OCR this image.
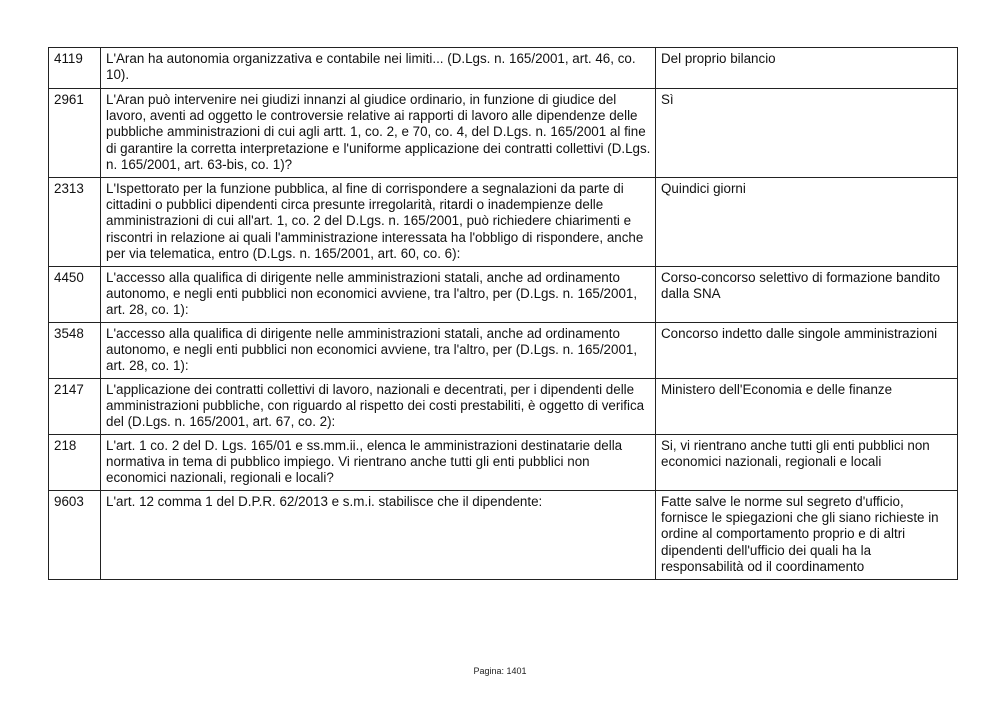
4119	L'Aran ha autonomia organizzativa e contabile nei limiti... (D.Lgs. n. 165/2001, art. 46, co. 10).	Del proprio bilancio
2961	L'Aran può intervenire nei giudizi innanzi al giudice ordinario, in funzione di giudice del lavoro, aventi ad oggetto le controversie relative ai rapporti di lavoro alle dipendenze delle pubbliche amministrazioni di cui agli artt. 1, co. 2, e 70, co. 4, del D.Lgs. n. 165/2001 al fine di garantire la corretta interpretazione e l'uniforme applicazione dei contratti collettivi (D.Lgs. n. 165/2001, art. 63-bis, co. 1)?	Sì
2313	L'Ispettorato per la funzione pubblica, al fine di corrispondere a segnalazioni da parte di cittadini o pubblici dipendenti circa presunte irregolarità, ritardi o inadempienze delle amministrazioni di cui all'art. 1, co. 2 del D.Lgs. n. 165/2001, può richiedere chiarimenti e riscontri in relazione ai quali l'amministrazione interessata ha l'obbligo di rispondere, anche per via telematica, entro (D.Lgs. n. 165/2001, art. 60, co. 6):	Quindici giorni
4450	L'accesso alla qualifica di dirigente nelle amministrazioni statali, anche ad ordinamento autonomo, e negli enti pubblici non economici avviene, tra l'altro, per (D.Lgs. n. 165/2001, art. 28, co. 1):	Corso-concorso selettivo di formazione bandito dalla SNA
3548	L'accesso alla qualifica di dirigente nelle amministrazioni statali, anche ad ordinamento autonomo, e negli enti pubblici non economici avviene, tra l'altro, per (D.Lgs. n. 165/2001, art. 28, co. 1):	Concorso indetto dalle singole amministrazioni
2147	L'applicazione dei contratti collettivi di lavoro, nazionali e decentrati, per i dipendenti delle amministrazioni pubbliche, con riguardo al rispetto dei costi prestabiliti, è oggetto di verifica del (D.Lgs. n. 165/2001, art. 67, co. 2):	Ministero dell'Economia e delle finanze
218	L'art. 1 co. 2 del D. Lgs. 165/01 e ss.mm.ii., elenca le amministrazioni destinatarie della normativa in tema di pubblico impiego. Vi rientrano anche tutti gli enti pubblici non economici nazionali, regionali e locali?	Si, vi rientrano anche tutti gli enti pubblici non economici nazionali, regionali e locali
9603	L'art. 12 comma 1 del D.P.R. 62/2013 e s.m.i. stabilisce che il dipendente:	Fatte salve le norme sul segreto d'ufficio, fornisce le spiegazioni che gli siano richieste in ordine al comportamento proprio e di altri dipendenti dell'ufficio dei quali ha la responsabilità od il coordinamento
Pagina: 1401
